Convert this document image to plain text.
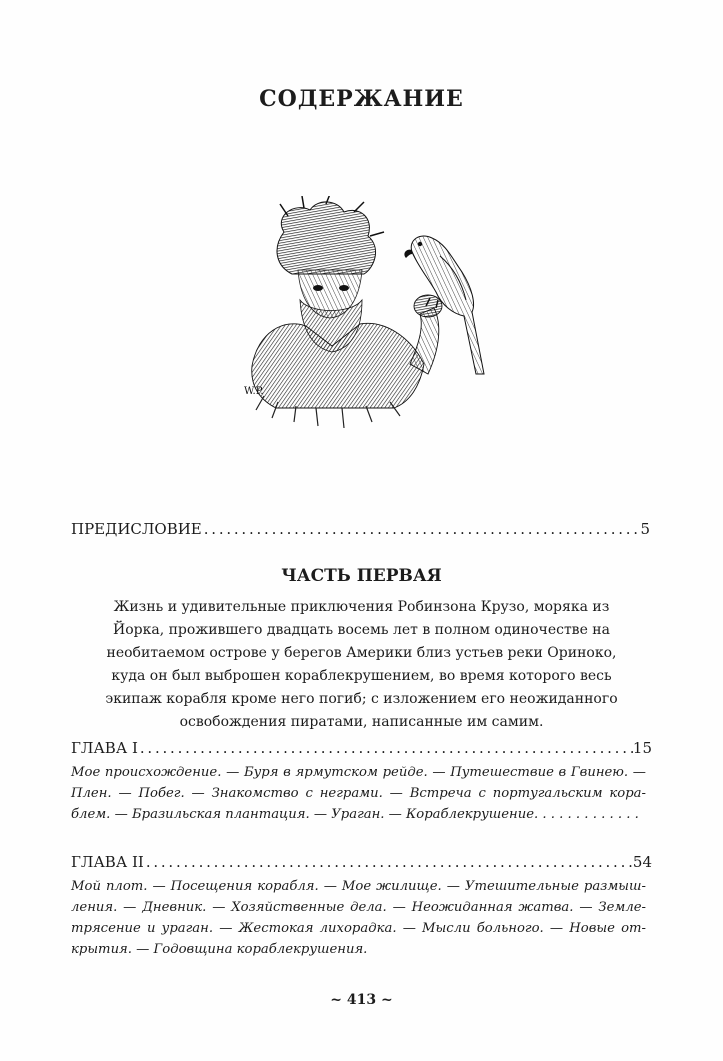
СОДЕРЖАНИЕ
W.P.
ПРЕДИСЛОВИЕ . . .	5
ЧАСТЬ ПЕРВАЯ
Жизнь и удивительные приключения Робинзона Крузо, моряка из
Йорка, прожившего двадцать восемь лет в полном одиночестве на
необитаемом острове у берегов Америки близ устьев реки Ориноко,
куда он был выброшен кораблекрушением, во время которого весь
экипаж корабля кроме него погиб; с изложением его неожиданного
освобождения пиратами, написанные им самим.
ГЛАВА I . . .	15
Мое происхождение. — Буря в ярмутском рейде. — Путешествие в Гвинею. —
Плен. — Побег. — Знакомство с неграми. — Встреча с португальским кора-
блем. — Бразильская плантация. — Ураган. — Кораблекрушение. . . . . . . . . . . . .
ГЛАВА II . . .	54
Мой плот. — Посещения корабля. — Мое жилище. — Утешительные размыш-
ления. — Дневник. — Хозяйственные дела. — Неожиданная жатва. — Земле-
трясение и ураган. — Жестокая лихорадка. — Мысли больного. — Новые от-
крытия. — Годовщина кораблекрушения.
~ 413 ~
